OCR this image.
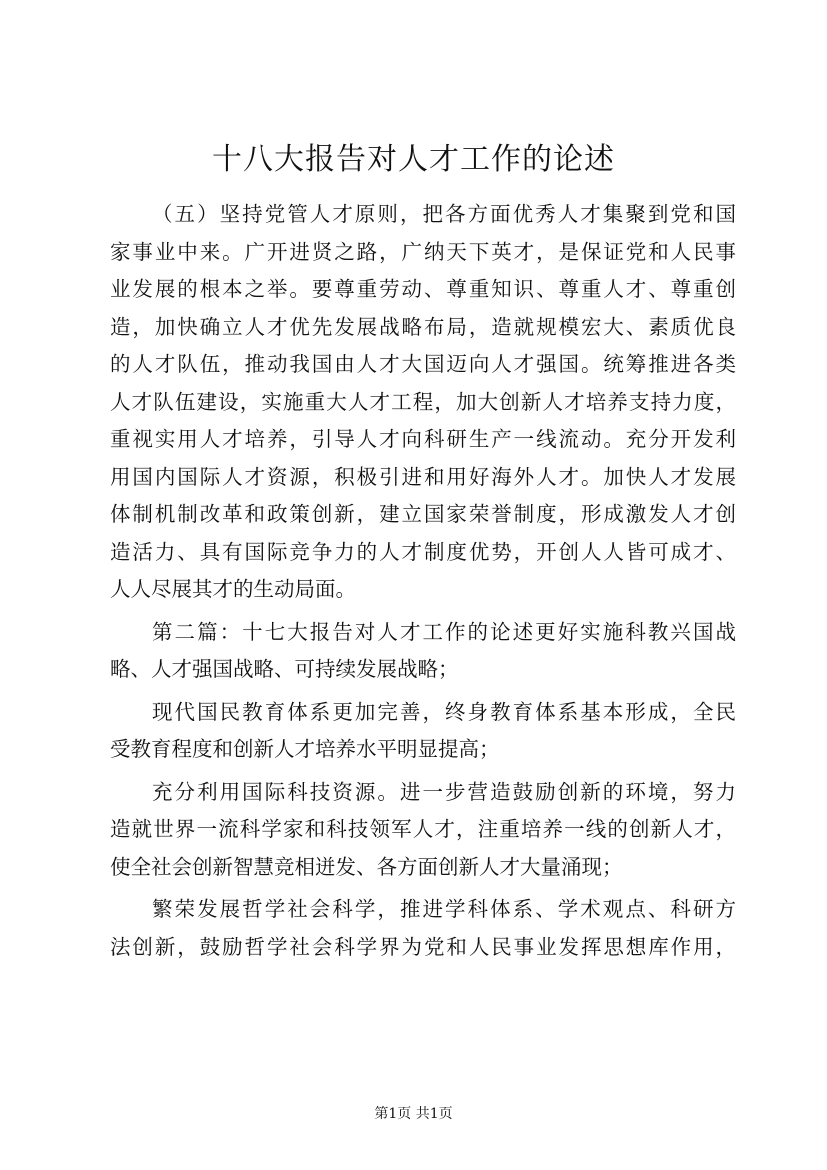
十八大报告对人才工作的论述
（五）坚持党管人才原则，把各方面优秀人才集聚到党和国
家事业中来。广开进贤之路，广纳天下英才，是保证党和人民事
业发展的根本之举。要尊重劳动、尊重知识、尊重人才、尊重创
造，加快确立人才优先发展战略布局，造就规模宏大、素质优良
的人才队伍，推动我国由人才大国迈向人才强国。统筹推进各类
人才队伍建设，实施重大人才工程，加大创新人才培养支持力度，
重视实用人才培养，引导人才向科研生产一线流动。充分开发利
用国内国际人才资源，积极引进和用好海外人才。加快人才发展
体制机制改革和政策创新，建立国家荣誉制度，形成激发人才创
造活力、具有国际竞争力的人才制度优势，开创人人皆可成才、
人人尽展其才的生动局面。
第二篇：十七大报告对人才工作的论述更好实施科教兴国战
略、人才强国战略、可持续发展战略；
现代国民教育体系更加完善，终身教育体系基本形成，全民
受教育程度和创新人才培养水平明显提高；
充分利用国际科技资源。进一步营造鼓励创新的环境，努力
造就世界一流科学家和科技领军人才，注重培养一线的创新人才，
使全社会创新智慧竞相迸发、各方面创新人才大量涌现；
繁荣发展哲学社会科学，推进学科体系、学术观点、科研方
法创新，鼓励哲学社会科学界为党和人民事业发挥思想库作用，
第1页 共1页
